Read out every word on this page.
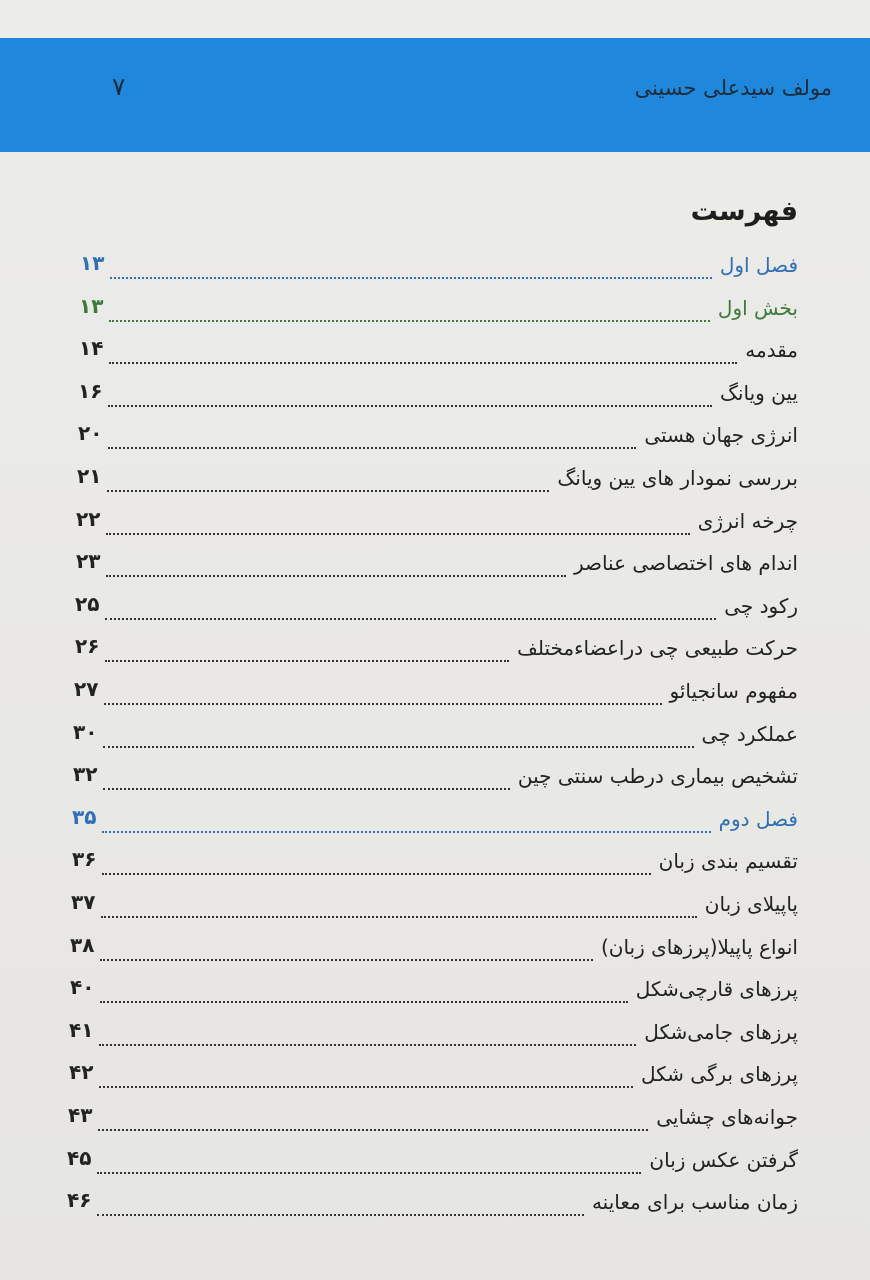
مولف سیدعلی حسینی
۷
فهرست
۱۳	فصل اول
۱۳	بخش اول
۱۴	مقدمه
۱۶	یین ویانگ
۲۰	انرژی جهان هستی
۲۱	بررسی نمودار های یین ویانگ
۲۲	چرخه انرژی
۲۳	اندام های اختصاصی عناصر
۲۵	رکود چی
۲۶	حرکت طبیعی چی دراعضاءمختلف
۲۷	مفهوم سانجیائو
۳۰	عملکرد چی
۳۲	تشخیص بیماری درطب سنتی چین
۳۵	فصل دوم
۳۶	تقسیم بندی زبان
۳۷	پاپیلای زبان
۳۸	انواع پاپیلا(پرزهای زبان)
۴۰	پرزهای قارچی‌شکل
۴۱	پرزهای جامی‌شکل
۴۲	پرزهای برگی شکل
۴۳	جوانه‌های چشایی
۴۵	گرفتن عکس زبان
۴۶	زمان مناسب برای معاینه
